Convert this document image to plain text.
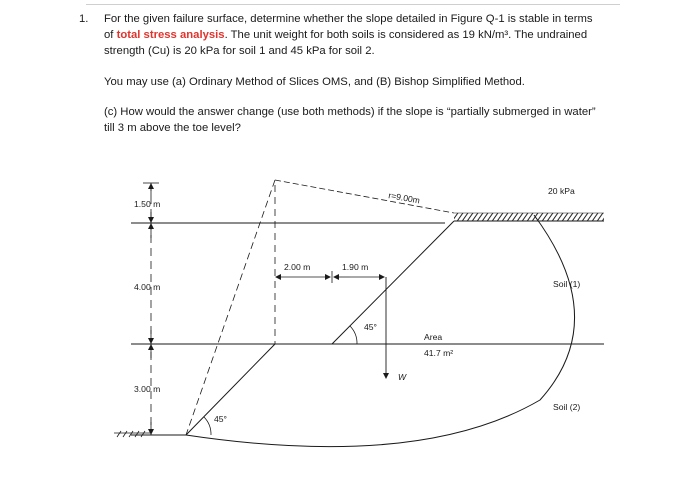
1. For the given failure surface, determine whether the slope detailed in Figure Q-1 is stable in terms of total stress analysis. The unit weight for both soils is considered as 19 kN/m³. The undrained strength (Cu) is 20 kPa for soil 1 and 45 kPa for soil 2.

You may use (a) Ordinary Method of Slices OMS, and (B) Bishop Simplified Method.

(c) How would the answer change (use both methods) if the slope is “partially submerged in water” till 3 m above the toe level?

1.50 m
4.00 m
3.00 m
2.00 m	1.90 m
W
45°
45°
r=9.00m	20 kPa
Area
41.7 m²
Soil (1)
Soil (2)
